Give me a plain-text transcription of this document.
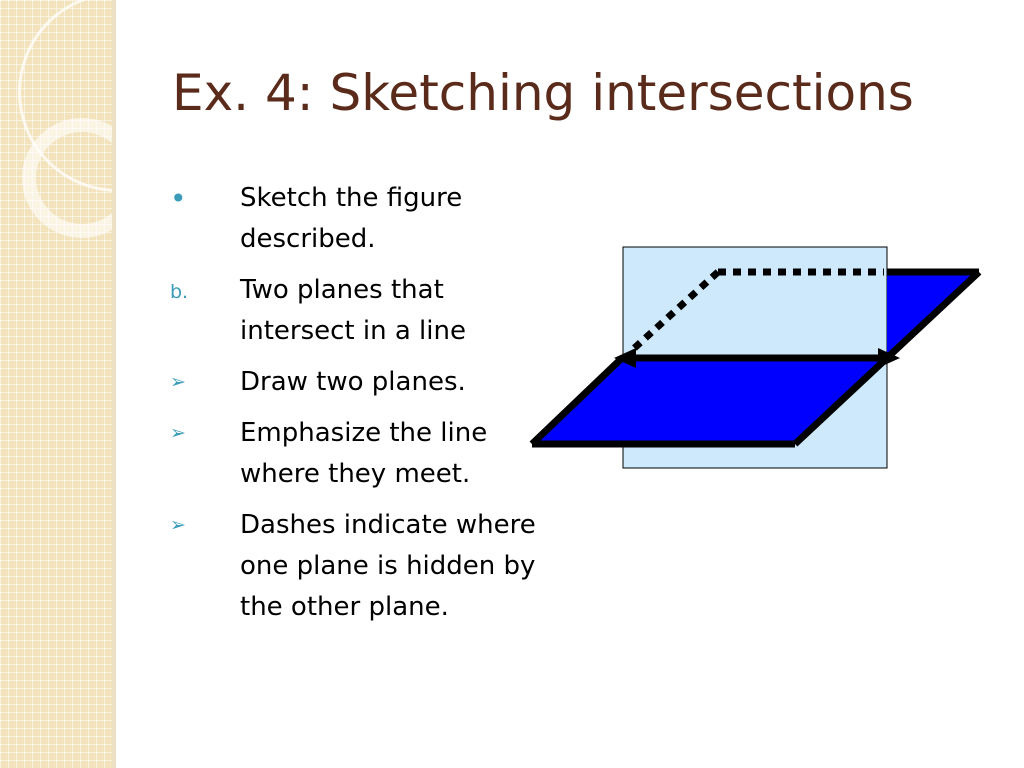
Ex. 4: Sketching intersections
•	Sketch the figure
described.
b.	Two planes that
intersect in a line
➢	Draw two planes.
➢	Emphasize the line
where they meet.
➢	Dashes indicate where
one plane is hidden by
the other plane.
